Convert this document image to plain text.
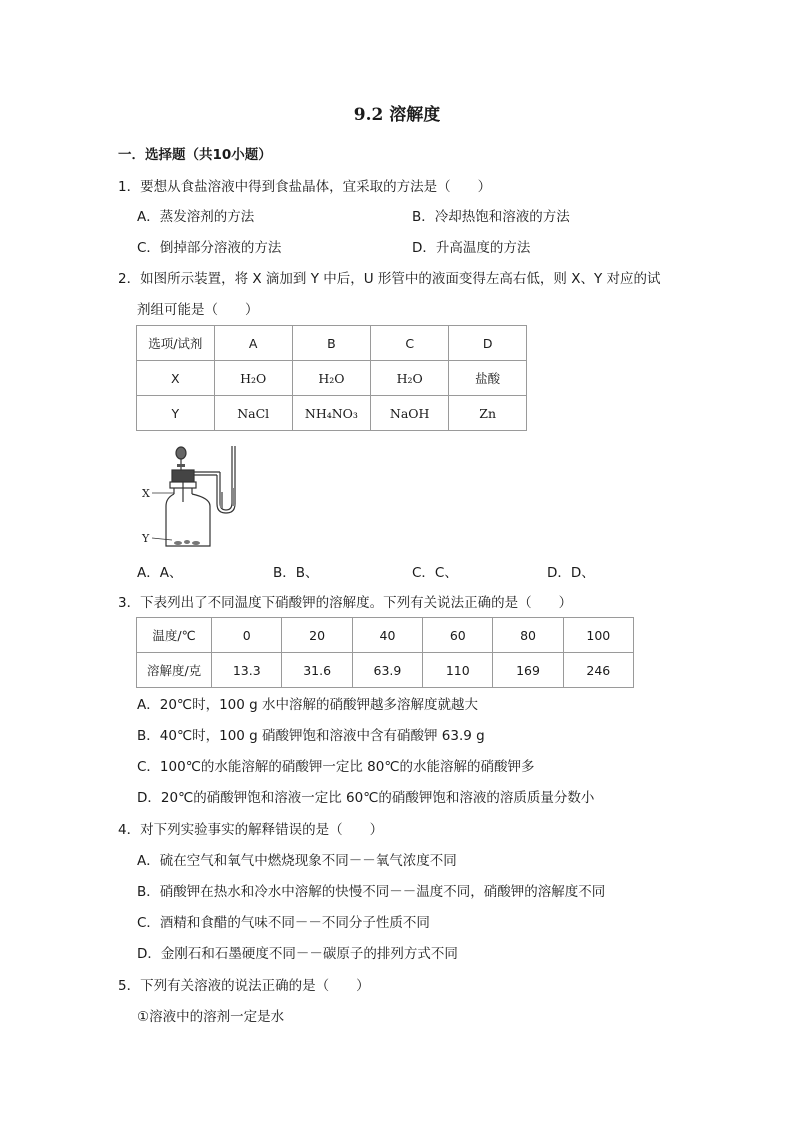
9.2 溶解度
一．选择题（共10小题）
1．要想从食盐溶液中得到食盐晶体，宜采取的方法是（　　）
A．蒸发溶剂的方法	B．冷却热饱和溶液的方法
C．倒掉部分溶液的方法	D．升高温度的方法
2．如图所示装置，将 X 滴加到 Y 中后，U 形管中的液面变得左高右低，则 X、Y 对应的试
剂组可能是（　　）
选项/试剂	A	B	C	D
X	H₂O	H₂O	H₂O	盐酸
Y	NaCl	NH₄NO₃	NaOH	Zn
X
Y
A．A、	B．B、	C．C、	D．D、
3．下表列出了不同温度下硝酸钾的溶解度。下列有关说法正确的是（　　）
温度/℃	0	20	40	60	80	100
溶解度/克	13.3	31.6	63.9	110	169	246
A．20℃时，100 g 水中溶解的硝酸钾越多溶解度就越大
B．40℃时，100 g 硝酸钾饱和溶液中含有硝酸钾 63.9 g
C．100℃的水能溶解的硝酸钾一定比 80℃的水能溶解的硝酸钾多
D．20℃的硝酸钾饱和溶液一定比 60℃的硝酸钾饱和溶液的溶质质量分数小
4．对下列实验事实的解释错误的是（　　）
A．硫在空气和氧气中燃烧现象不同－－氧气浓度不同
B．硝酸钾在热水和冷水中溶解的快慢不同－－温度不同，硝酸钾的溶解度不同
C．酒精和食醋的气味不同－－不同分子性质不同
D．金刚石和石墨硬度不同－－碳原子的排列方式不同
5．下列有关溶液的说法正确的是（　　）
①溶液中的溶剂一定是水
